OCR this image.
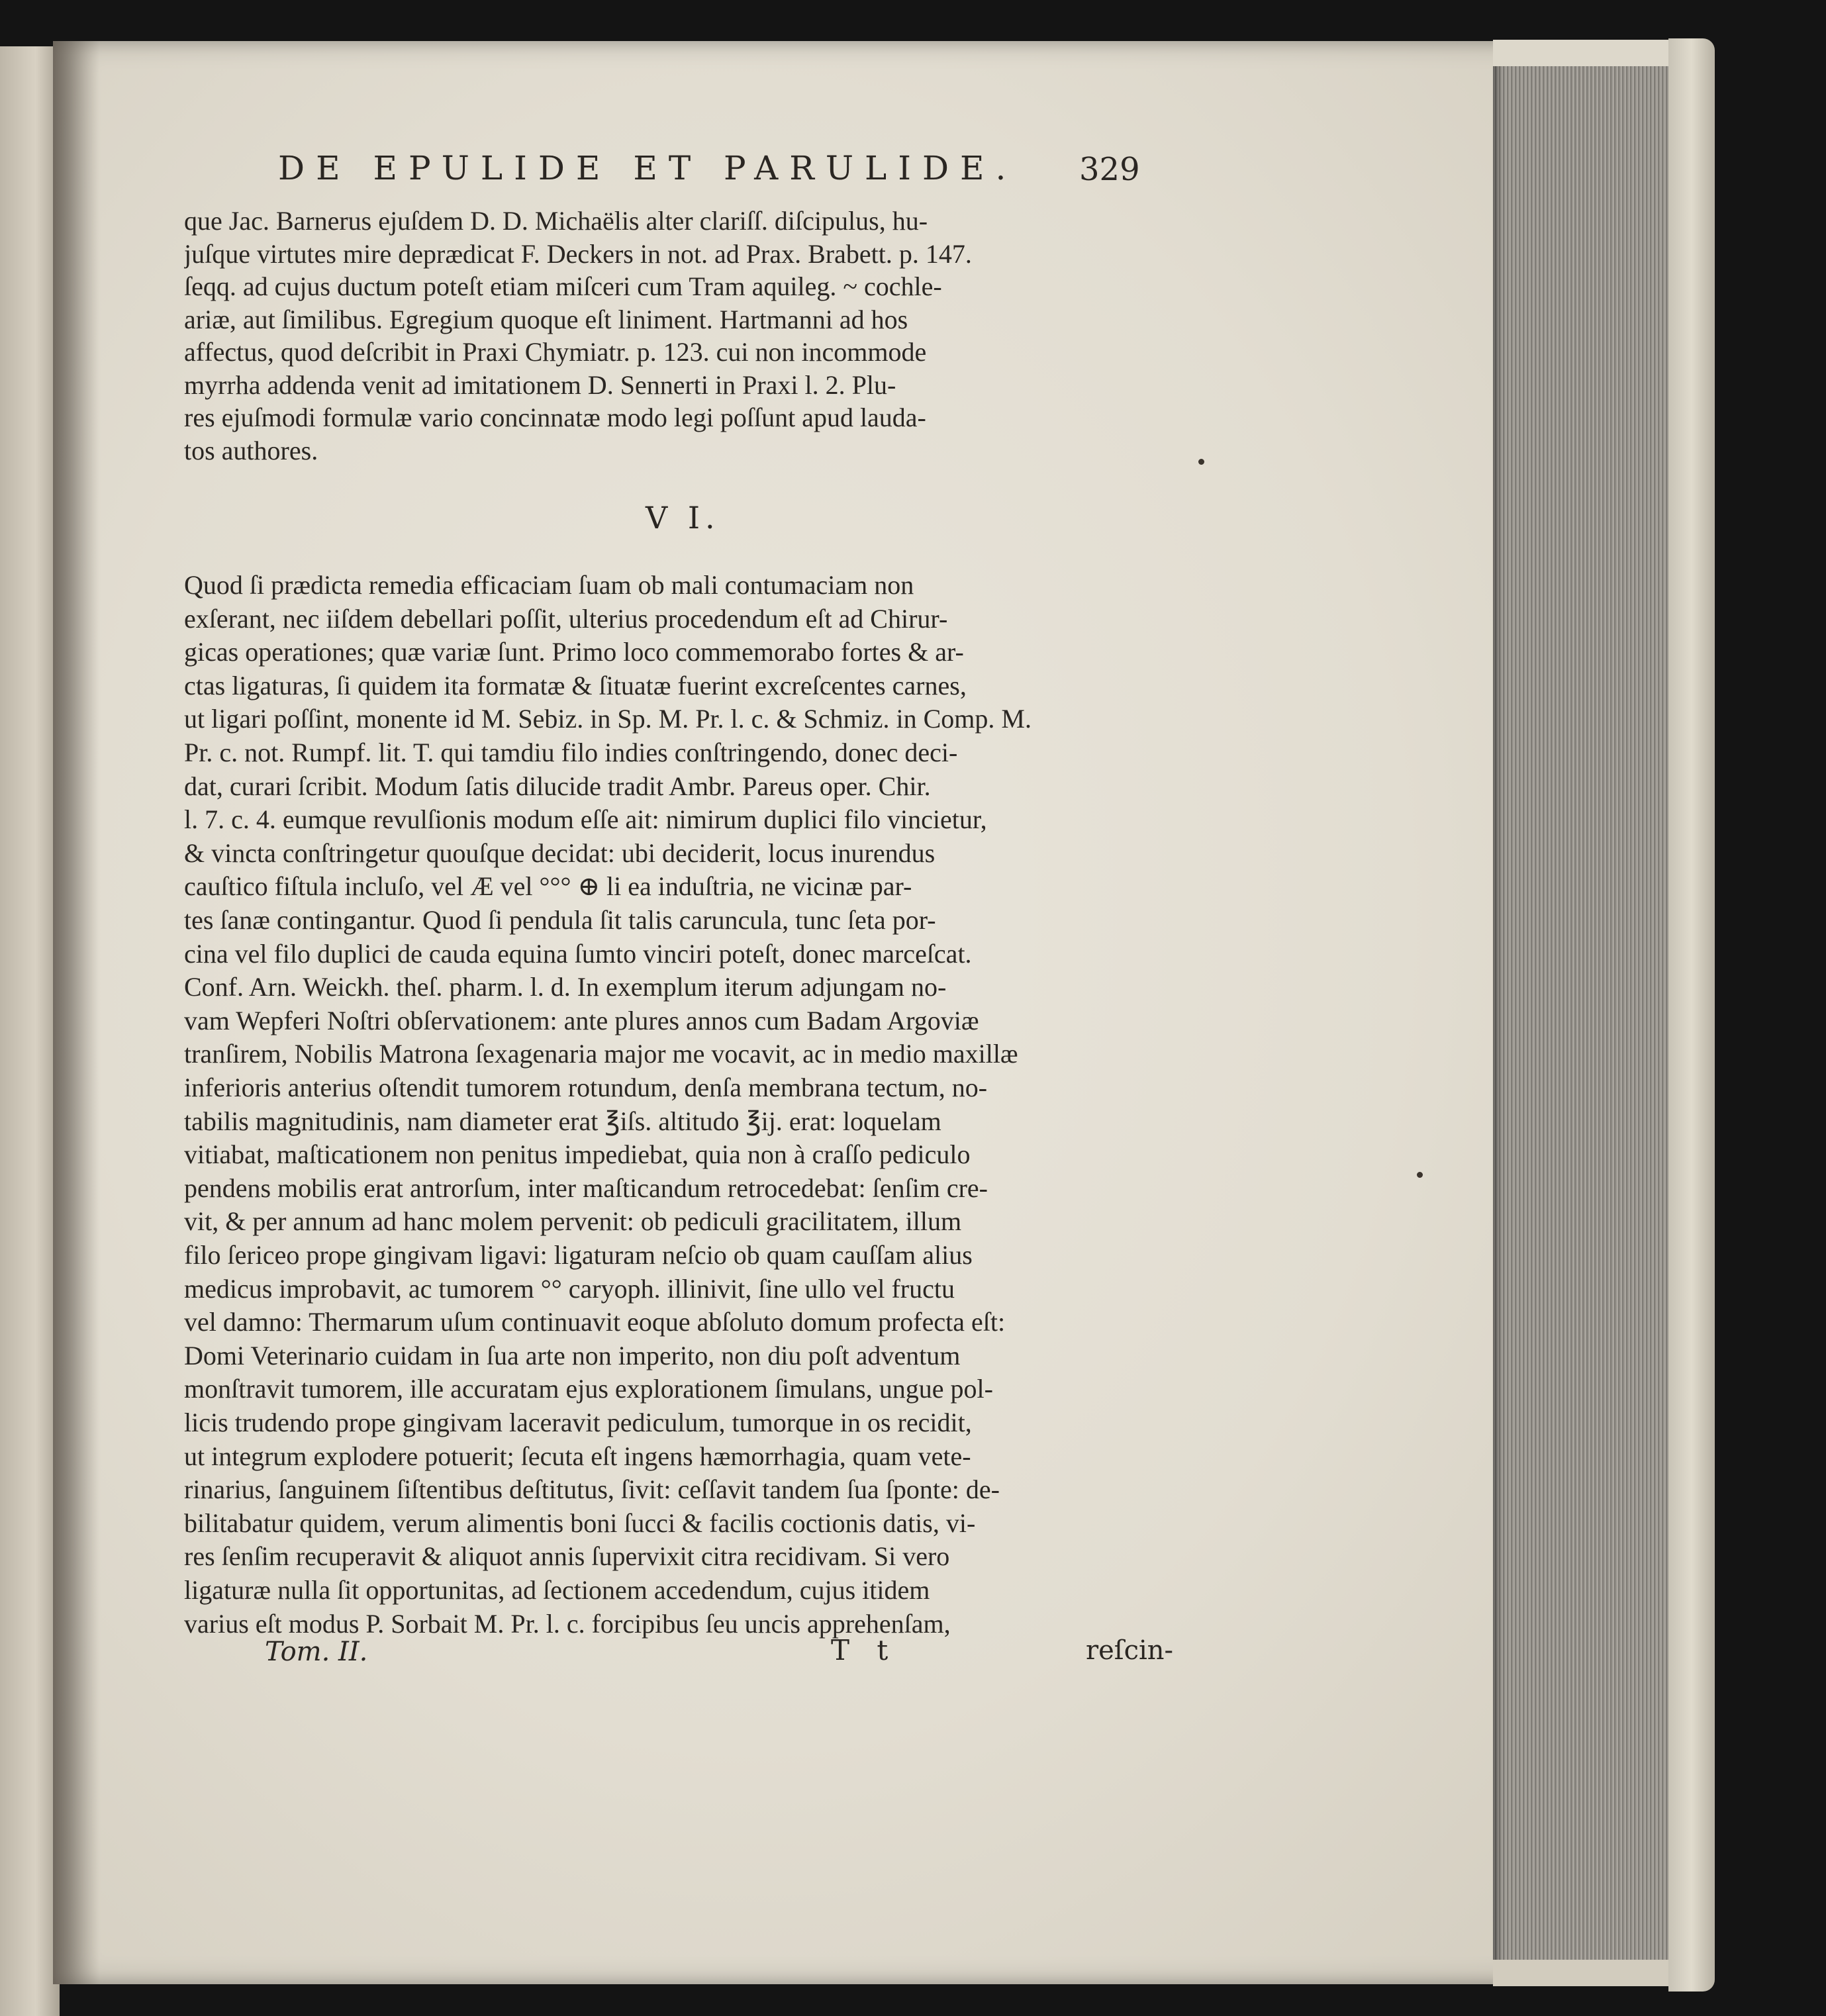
DE EPULIDE ET PARULIDE. 329
que Jac. Barnerus ejuſdem D. D. Michaëlis alter clariſſ. diſcipulus, hu-
juſque virtutes mire deprædicat F. Deckers in not. ad Prax. Brabett. p. 147.
ſeqq. ad cujus ductum poteſt etiam miſceri cum Tram aquileg. ~ cochle-
ariæ, aut ſimilibus. Egregium quoque eſt liniment. Hartmanni ad hos
affectus, quod deſcribit in Praxi Chymiatr. p. 123. cui non incommode
myrrha addenda venit ad imitationem D. Sennerti in Praxi l. 2. Plu-
res ejuſmodi formulæ vario concinnatæ modo legi poſſunt apud lauda-
tos authores.
V I.
Quod ſi prædicta remedia efficaciam ſuam ob mali contumaciam non
exſerant, nec iiſdem debellari poſſit, ulterius procedendum eſt ad Chirur-
gicas operationes; quæ variæ ſunt. Primo loco commemorabo fortes & ar-
ctas ligaturas, ſi quidem ita formatæ & ſituatæ fuerint excreſcentes carnes,
ut ligari poſſint, monente id M. Sebiz. in Sp. M. Pr. l. c. & Schmiz. in Comp. M.
Pr. c. not. Rumpf. lit. T. qui tamdiu filo indies conſtringendo, donec deci-
dat, curari ſcribit. Modum ſatis dilucide tradit Ambr. Pareus oper. Chir.
l. 7. c. 4. eumque revulſionis modum eſſe ait: nimirum duplici filo vincietur,
& vincta conſtringetur quouſque decidat: ubi deciderit, locus inurendus
cauſtico fiſtula incluſo, vel Æ vel °°° ⊕ li ea induſtria, ne vicinæ par-
tes ſanæ contingantur. Quod ſi pendula ſit talis caruncula, tunc ſeta por-
cina vel filo duplici de cauda equina ſumto vinciri poteſt, donec marceſcat.
Conf. Arn. Weickh. theſ. pharm. l. d. In exemplum iterum adjungam no-
vam Wepferi Noſtri obſervationem: ante plures annos cum Badam Argoviæ
tranſirem, Nobilis Matrona ſexagenaria major me vocavit, ac in medio maxillæ
inferioris anterius oſtendit tumorem rotundum, denſa membrana tectum, no-
tabilis magnitudinis, nam diameter erat ℥iſs. altitudo ℥ij. erat: loquelam
vitiabat, maſticationem non penitus impediebat, quia non à craſſo pediculo
pendens mobilis erat antrorſum, inter maſticandum retrocedebat: ſenſim cre-
vit, & per annum ad hanc molem pervenit: ob pediculi gracilitatem, illum
filo ſericeo prope gingivam ligavi: ligaturam neſcio ob quam cauſſam alius
medicus improbavit, ac tumorem °° caryoph. illinivit, ſine ullo vel fructu
vel damno: Thermarum uſum continuavit eoque abſoluto domum profecta eſt:
Domi Veterinario cuidam in ſua arte non imperito, non diu poſt adventum
monſtravit tumorem, ille accuratam ejus explorationem ſimulans, ungue pol-
licis trudendo prope gingivam laceravit pediculum, tumorque in os recidit,
ut integrum explodere potuerit; ſecuta eſt ingens hæmorrhagia, quam vete-
rinarius, ſanguinem ſiſtentibus deſtitutus, ſivit: ceſſavit tandem ſua ſponte: de-
bilitabatur quidem, verum alimentis boni ſucci & facilis coctionis datis, vi-
res ſenſim recuperavit & aliquot annis ſupervixit citra recidivam. Si vero
ligaturæ nulla ſit opportunitas, ad ſectionem accedendum, cujus itidem
varius eſt modus P. Sorbait M. Pr. l. c. forcipibus ſeu uncis apprehenſam,
Tom. II.	T t	reſcin-
